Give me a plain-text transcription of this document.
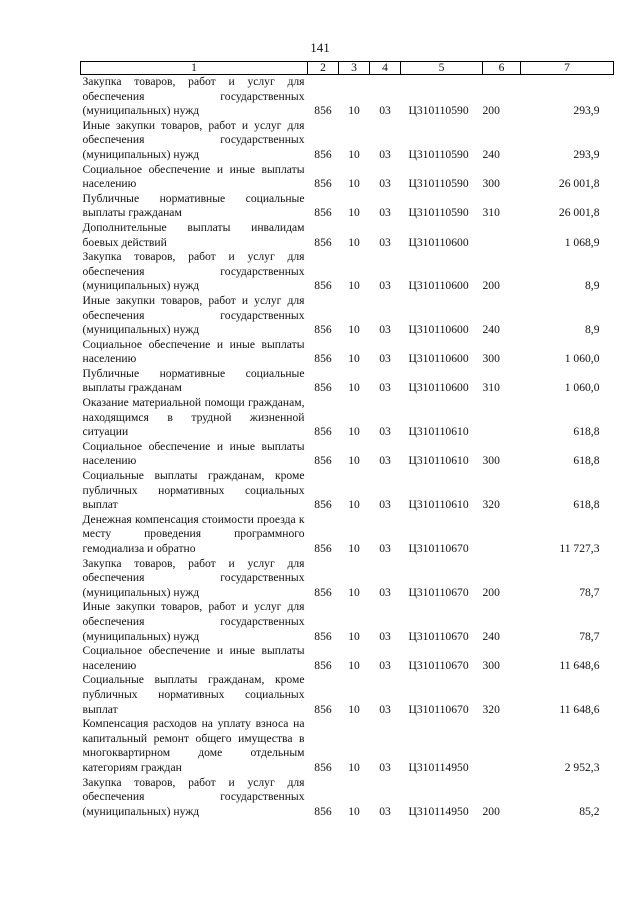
141
1	2	3	4	5	6	7
Закупка товаров, работ и услуг для обеспечения государственных (муниципальных) нужд	856	10	03	Ц310110590	200	293,9
Иные закупки товаров, работ и услуг для обеспечения государственных (муниципальных) нужд	856	10	03	Ц310110590	240	293,9
Социальное обеспечение и иные выплаты населению	856	10	03	Ц310110590	300	26 001,8
Публичные нормативные социальные выплаты гражданам	856	10	03	Ц310110590	310	26 001,8
Дополнительные выплаты инвалидам боевых действий	856	10	03	Ц310110600		1 068,9
Закупка товаров, работ и услуг для обеспечения государственных (муниципальных) нужд	856	10	03	Ц310110600	200	8,9
Иные закупки товаров, работ и услуг для обеспечения государственных (муниципальных) нужд	856	10	03	Ц310110600	240	8,9
Социальное обеспечение и иные выплаты населению	856	10	03	Ц310110600	300	1 060,0
Публичные нормативные социальные выплаты гражданам	856	10	03	Ц310110600	310	1 060,0
Оказание материальной помощи гражданам, находящимся в трудной жизненной ситуации	856	10	03	Ц310110610		618,8
Социальное обеспечение и иные выплаты населению	856	10	03	Ц310110610	300	618,8
Социальные выплаты гражданам, кроме публичных нормативных социальных выплат	856	10	03	Ц310110610	320	618,8
Денежная компенсация стоимости проезда к месту проведения программного гемодиализа и обратно	856	10	03	Ц310110670		11 727,3
Закупка товаров, работ и услуг для обеспечения государственных (муниципальных) нужд	856	10	03	Ц310110670	200	78,7
Иные закупки товаров, работ и услуг для обеспечения государственных (муниципальных) нужд	856	10	03	Ц310110670	240	78,7
Социальное обеспечение и иные выплаты населению	856	10	03	Ц310110670	300	11 648,6
Социальные выплаты гражданам, кроме публичных нормативных социальных выплат	856	10	03	Ц310110670	320	11 648,6
Компенсация расходов на уплату взноса на капитальный ремонт общего имущества в многоквартирном доме отдельным категориям граждан	856	10	03	Ц310114950		2 952,3
Закупка товаров, работ и услуг для обеспечения государственных (муниципальных) нужд	856	10	03	Ц310114950	200	85,2
